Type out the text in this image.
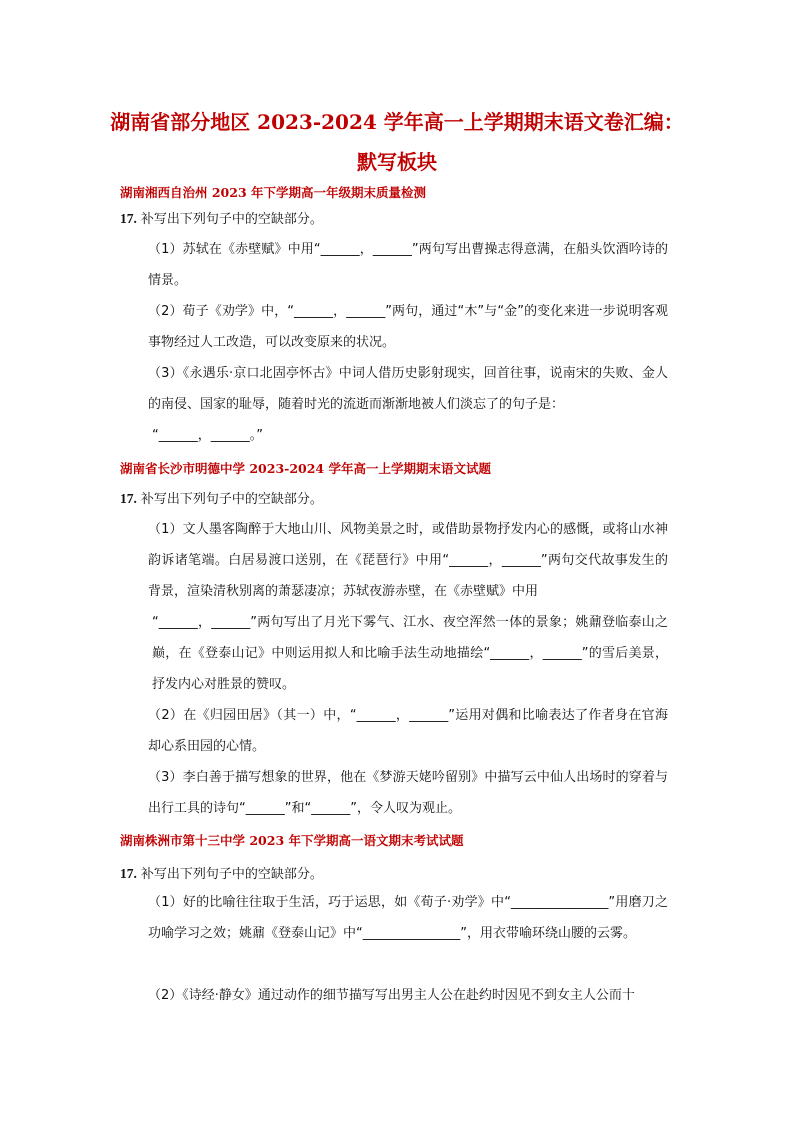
湖南省部分地区 2023-2024 学年高一上学期期末语文卷汇编：
默写板块
湖南湘西自治州 2023 年下学期高一年级期末质量检测
17. 补写出下列句子中的空缺部分。
（1）苏轼在《赤壁赋》中用“______，______”两句写出曹操志得意满，在船头饮酒吟诗的情景。
（2）荀子《劝学》中，“______，______”两句，通过“木”与“金”的变化来进一步说明客观事物经过人工改造，可以改变原来的状况。
（3）《永遇乐·京口北固亭怀古》中词人借历史影射现实，回首往事，说南宋的失败、金人的南侵、国家的耻辱，随着时光的流逝而渐渐地被人们淡忘了的句子是：
“______，______。”
湖南省长沙市明德中学 2023-2024 学年高一上学期期末语文试题
17. 补写出下列句子中的空缺部分。
（1）文人墨客陶醉于大地山川、风物美景之时，或借助景物抒发内心的感慨，或将山水神韵诉诸笔端。白居易渡口送别，在《琵琶行》中用“______，______”两句交代故事发生的背景，渲染清秋别离的萧瑟凄凉；苏轼夜游赤壁，在《赤壁赋》中用
“______，______”两句写出了月光下雾气、江水、夜空浑然一体的景象；姚鼐登临泰山之巅，在《登泰山记》中则运用拟人和比喻手法生动地描绘“______，______”的雪后美景，抒发内心对胜景的赞叹。
（2）在《归园田居》（其一）中，“______，______”运用对偶和比喻表达了作者身在官海却心系田园的心情。
（3）李白善于描写想象的世界，他在《梦游天姥吟留别》中描写云中仙人出场时的穿着与出行工具的诗句“______”和“______”，令人叹为观止。
湖南株洲市第十三中学 2023 年下学期高一语文期末考试试题
17. 补写出下列句子中的空缺部分。
（1）好的比喻往往取于生活，巧于运思，如《荀子·劝学》中“_______________”用磨刀之功喻学习之效；姚鼐《登泰山记》中“_______________”，用衣带喻环绕山腰的云雾。
（2）《诗经·静女》通过动作的细节描写写出男主人公在赴约时因见不到女主人公而十
